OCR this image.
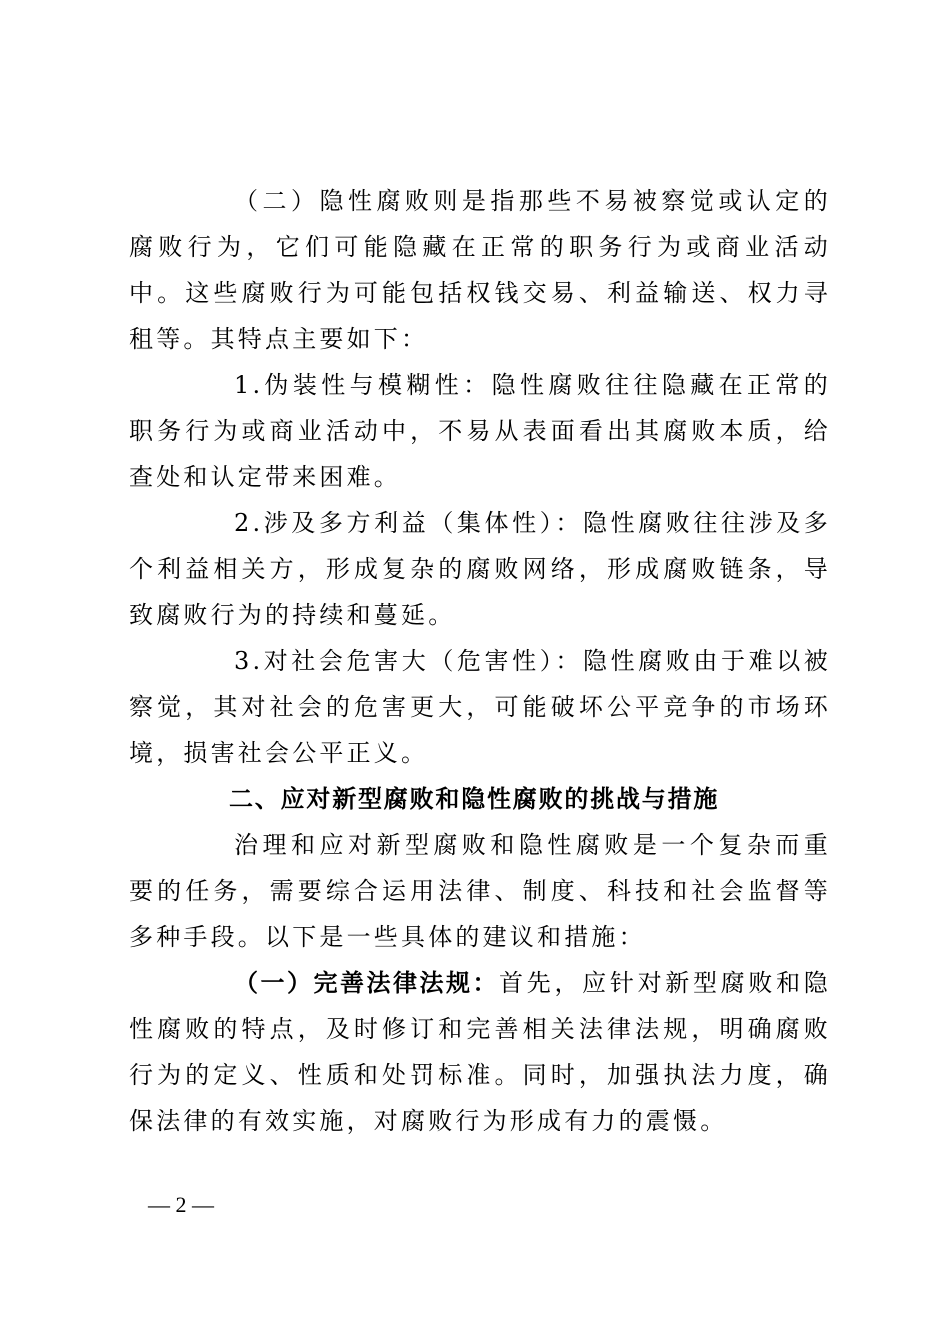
（二）隐性腐败则是指那些不易被察觉或认定的腐败行为，它们可能隐藏在正常的职务行为或商业活动中。这些腐败行为可能包括权钱交易、利益输送、权力寻租等。其特点主要如下：

1.伪装性与模糊性：隐性腐败往往隐藏在正常的职务行为或商业活动中，不易从表面看出其腐败本质，给查处和认定带来困难。

2.涉及多方利益（集体性）：隐性腐败往往涉及多个利益相关方，形成复杂的腐败网络，形成腐败链条，导致腐败行为的持续和蔓延。

3.对社会危害大（危害性）：隐性腐败由于难以被察觉，其对社会的危害更大，可能破坏公平竞争的市场环境，损害社会公平正义。

二、应对新型腐败和隐性腐败的挑战与措施

治理和应对新型腐败和隐性腐败是一个复杂而重要的任务，需要综合运用法律、制度、科技和社会监督等多种手段。以下是一些具体的建议和措施：

（一）完善法律法规：首先，应针对新型腐败和隐性腐败的特点，及时修订和完善相关法律法规，明确腐败行为的定义、性质和处罚标准。同时，加强执法力度，确保法律的有效实施，对腐败行为形成有力的震慑。

— 2 —
